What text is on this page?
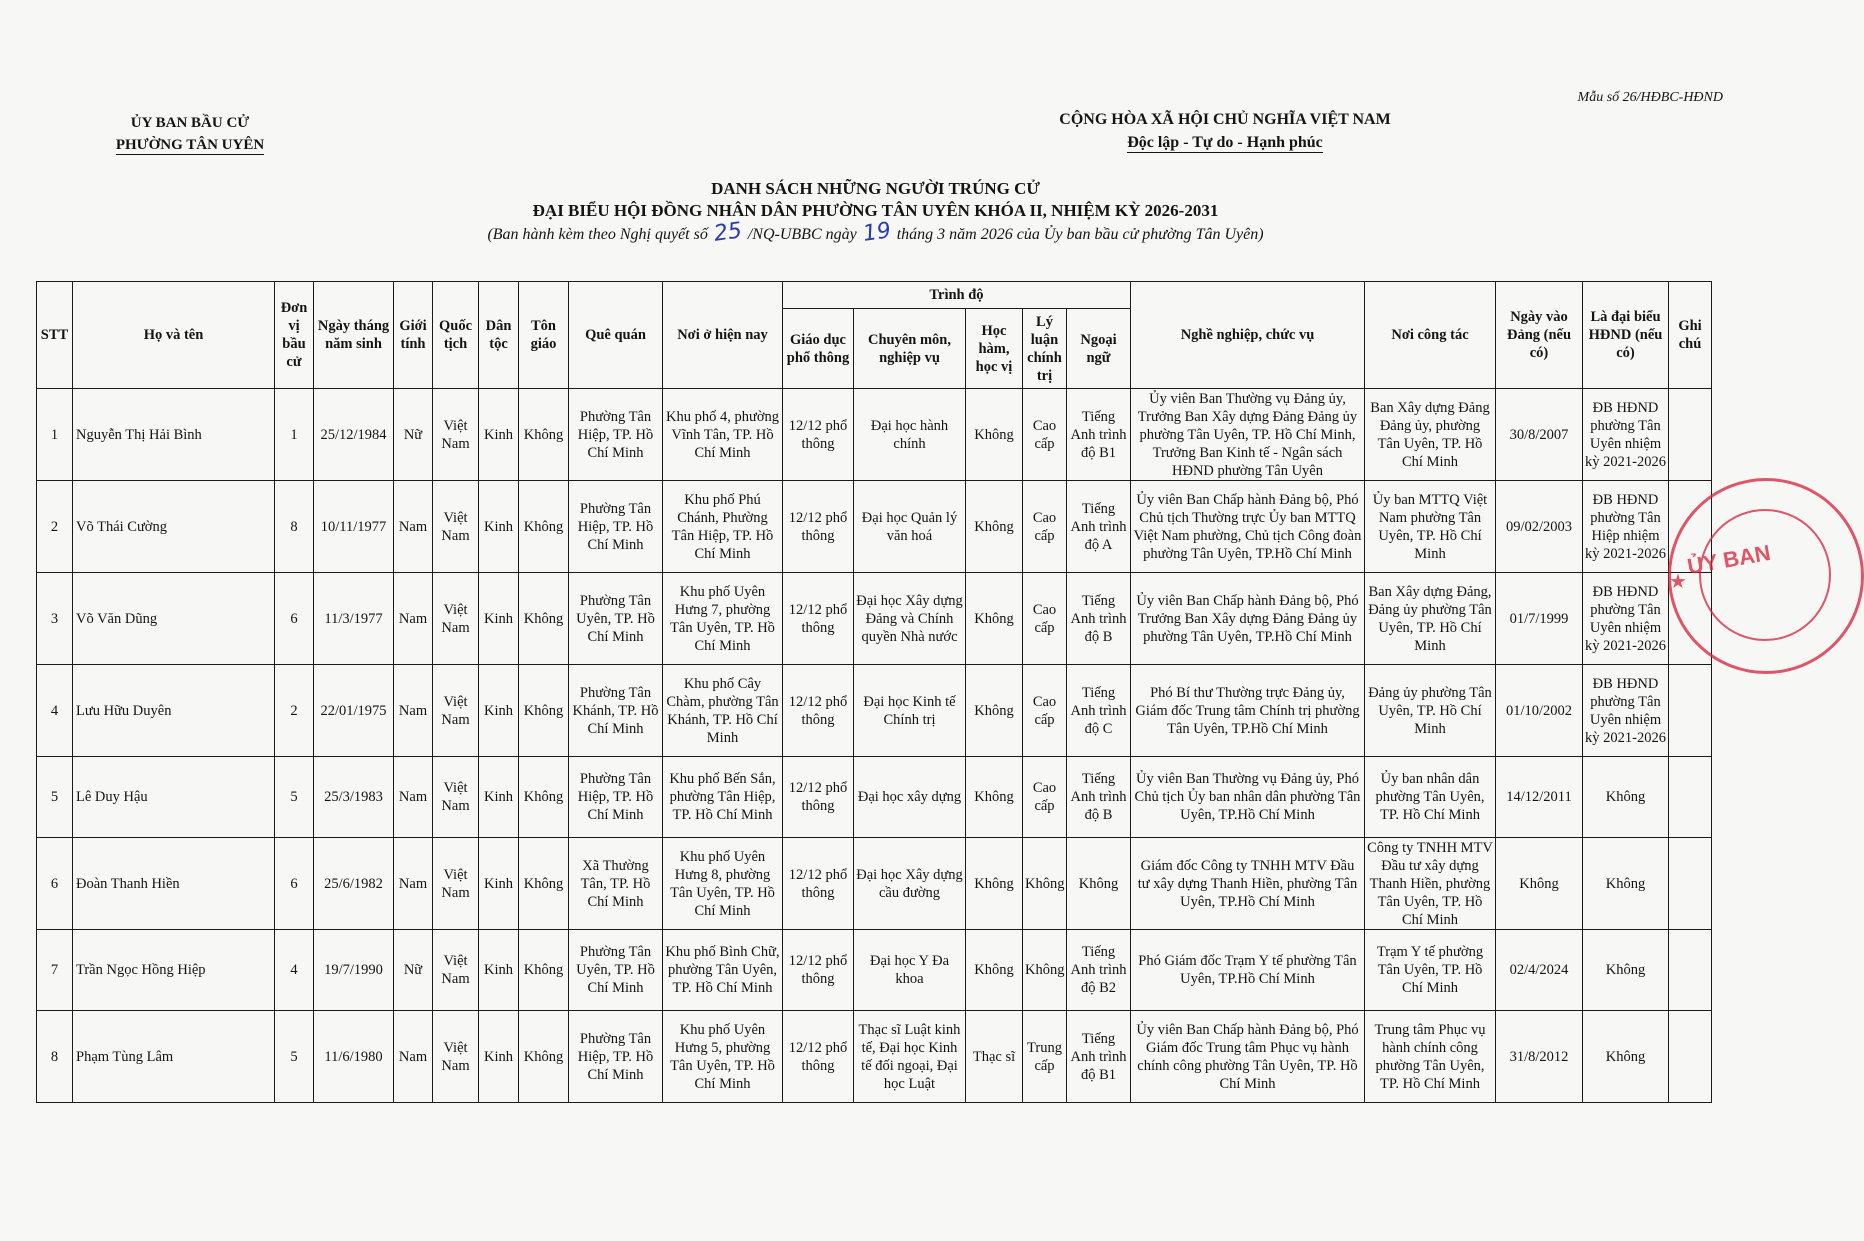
Mẫu số 26/HĐBC-HĐND
ỦY BAN BẦU CỬ
PHƯỜNG TÂN UYÊN
CỘNG HÒA XÃ HỘI CHỦ NGHĨA VIỆT NAM
Độc lập - Tự do - Hạnh phúc
DANH SÁCH NHỮNG NGƯỜI TRÚNG CỬ
ĐẠI BIỂU HỘI ĐỒNG NHÂN DÂN PHƯỜNG TÂN UYÊN KHÓA II, NHIỆM KỲ 2026-2031
(Ban hành kèm theo Nghị quyết số 25 /NQ-UBBC ngày 19 tháng 3 năm 2026 của Ủy ban bầu cử phường Tân Uyên)
STT	Họ và tên	Đơn vị bầu cử	Ngày tháng năm sinh	Giới tính	Quốc tịch	Dân tộc	Tôn giáo	Quê quán	Nơi ở hiện nay	Trình độ					Nghề nghiệp, chức vụ	Nơi công tác	Ngày vào Đảng (nếu có)	Là đại biểu HĐND (nếu có)	Ghi chú
										Giáo dục phổ thông	Chuyên môn, nghiệp vụ	Học hàm, học vị	Lý luận chính trị	Ngoại ngữ					
1	Nguyễn Thị Hải Bình	1	25/12/1984	Nữ	Việt Nam	Kinh	Không	Phường Tân Hiệp, TP. Hồ Chí Minh	Khu phố 4, phường Vĩnh Tân, TP. Hồ Chí Minh	12/12 phổ thông	Đại học hành chính	Không	Cao cấp	Tiếng Anh trình độ B1	Ủy viên Ban Thường vụ Đảng ủy, Trưởng Ban Xây dựng Đảng Đảng ủy phường Tân Uyên, TP. Hồ Chí Minh, Trưởng Ban Kinh tế - Ngân sách HĐND phường Tân Uyên	Ban Xây dựng Đảng Đảng ủy, phường Tân Uyên, TP. Hồ Chí Minh	30/8/2007	ĐB HĐND phường Tân Uyên nhiệm kỳ 2021-2026	
2	Võ Thái Cường	8	10/11/1977	Nam	Việt Nam	Kinh	Không	Phường Tân Hiệp, TP. Hồ Chí Minh	Khu phố Phú Chánh, Phường Tân Hiệp, TP. Hồ Chí Minh	12/12 phổ thông	Đại học Quản lý văn hoá	Không	Cao cấp	Tiếng Anh trình độ A	Ủy viên Ban Chấp hành Đảng bộ, Phó Chủ tịch Thường trực Ủy ban MTTQ Việt Nam phường, Chủ tịch Công đoàn phường Tân Uyên, TP.Hồ Chí Minh	Ủy ban MTTQ Việt Nam phường Tân Uyên, TP. Hồ Chí Minh	09/02/2003	ĐB HĐND phường Tân Hiệp nhiệm kỳ 2021-2026	
3	Võ Văn Dũng	6	11/3/1977	Nam	Việt Nam	Kinh	Không	Phường Tân Uyên, TP. Hồ Chí Minh	Khu phố Uyên Hưng 7, phường Tân Uyên, TP. Hồ Chí Minh	12/12 phổ thông	Đại học Xây dựng Đảng và Chính quyền Nhà nước	Không	Cao cấp	Tiếng Anh trình độ B	Ủy viên Ban Chấp hành Đảng bộ, Phó Trưởng Ban Xây dựng Đảng Đảng ủy phường Tân Uyên, TP.Hồ Chí Minh	Ban Xây dựng Đảng, Đảng ủy phường Tân Uyên, TP. Hồ Chí Minh	01/7/1999	ĐB HĐND phường Tân Uyên nhiệm kỳ 2021-2026	
4	Lưu Hữu Duyên	2	22/01/1975	Nam	Việt Nam	Kinh	Không	Phường Tân Khánh, TP. Hồ Chí Minh	Khu phố Cây Chàm, phường Tân Khánh, TP. Hồ Chí Minh	12/12 phổ thông	Đại học Kinh tế Chính trị	Không	Cao cấp	Tiếng Anh trình độ C	Phó Bí thư Thường trực Đảng ủy, Giám đốc Trung tâm Chính trị phường Tân Uyên, TP.Hồ Chí Minh	Đảng ủy phường Tân Uyên, TP. Hồ Chí Minh	01/10/2002	ĐB HĐND phường Tân Uyên nhiệm kỳ 2021-2026	
5	Lê Duy Hậu	5	25/3/1983	Nam	Việt Nam	Kinh	Không	Phường Tân Hiệp, TP. Hồ Chí Minh	Khu phố Bến Sắn, phường Tân Hiệp, TP. Hồ Chí Minh	12/12 phổ thông	Đại học xây dựng	Không	Cao cấp	Tiếng Anh trình độ B	Ủy viên Ban Thường vụ Đảng ủy, Phó Chủ tịch Ủy ban nhân dân phường Tân Uyên, TP.Hồ Chí Minh	Ủy ban nhân dân phường Tân Uyên, TP. Hồ Chí Minh	14/12/2011	Không	
6	Đoàn Thanh Hiền	6	25/6/1982	Nam	Việt Nam	Kinh	Không	Xã Thường Tân, TP. Hồ Chí Minh	Khu phố Uyên Hưng 8, phường Tân Uyên, TP. Hồ Chí Minh	12/12 phổ thông	Đại học Xây dựng cầu đường	Không	Không	Không	Giám đốc Công ty TNHH MTV Đầu tư xây dựng Thanh Hiền, phường Tân Uyên, TP.Hồ Chí Minh	Công ty TNHH MTV Đầu tư xây dựng Thanh Hiền, phường Tân Uyên, TP. Hồ Chí Minh	Không	Không	
7	Trần Ngọc Hồng Hiệp	4	19/7/1990	Nữ	Việt Nam	Kinh	Không	Phường Tân Uyên, TP. Hồ Chí Minh	Khu phố Bình Chữ, phường Tân Uyên, TP. Hồ Chí Minh	12/12 phổ thông	Đại học Y Đa khoa	Không	Không	Tiếng Anh trình độ B2	Phó Giám đốc Trạm Y tế phường Tân Uyên, TP.Hồ Chí Minh	Trạm Y tế phường Tân Uyên, TP. Hồ Chí Minh	02/4/2024	Không	
8	Phạm Tùng Lâm	5	11/6/1980	Nam	Việt Nam	Kinh	Không	Phường Tân Hiệp, TP. Hồ Chí Minh	Khu phố Uyên Hưng 5, phường Tân Uyên, TP. Hồ Chí Minh	12/12 phổ thông	Thạc sĩ Luật kinh tế, Đại học Kinh tế đối ngoại, Đại học Luật	Thạc sĩ	Trung cấp	Tiếng Anh trình độ B1	Ủy viên Ban Chấp hành Đảng bộ, Phó Giám đốc Trung tâm Phục vụ hành chính công phường Tân Uyên, TP. Hồ Chí Minh	Trung tâm Phục vụ hành chính công phường Tân Uyên, TP. Hồ Chí Minh	31/8/2012	Không	
★
ỦY BAN
